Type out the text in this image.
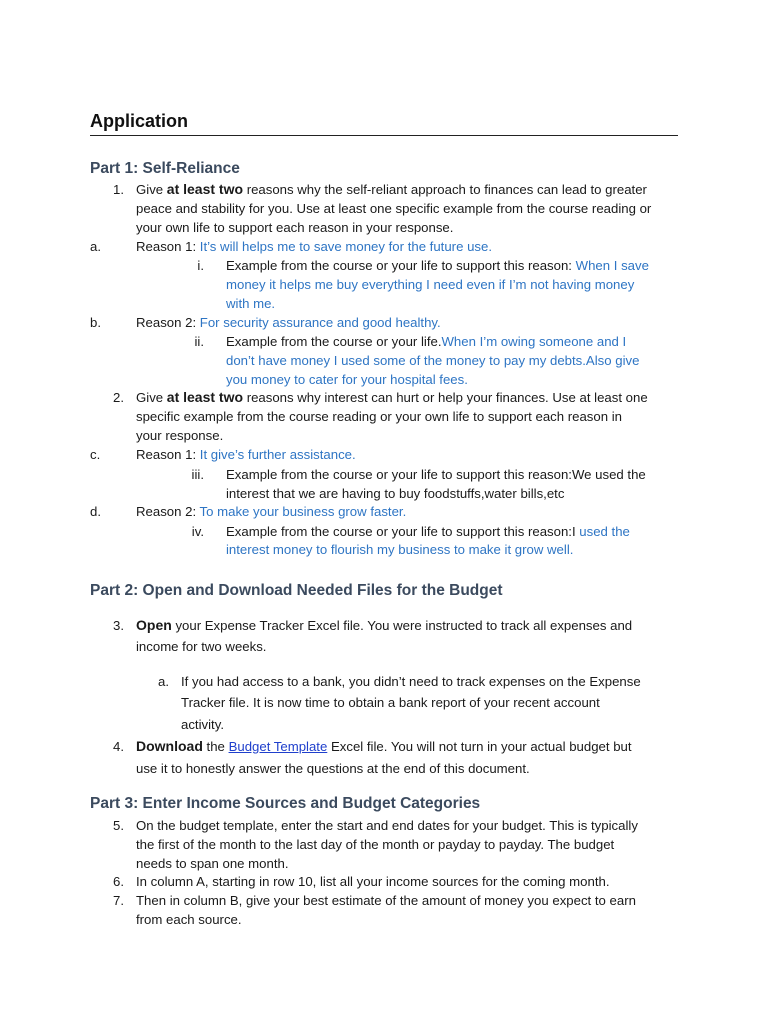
Application
Part 1: Self-Reliance
1. Give at least two reasons why the self-reliant approach to finances can lead to greater
peace and stability for you. Use at least one specific example from the course reading or
your own life to support each reason in your response.
a.	Reason 1: It’s will helps me to save money for the future use.
i. Example from the course or your life to support this reason: When I save
money it helps me buy everything I need even if I’m not having money
with me.
b.	Reason 2: For security assurance and good healthy.
ii. Example from the course or your life.When I’m owing someone and I
don’t have money I used some of the money to pay my debts.Also give
you money to cater for your hospital fees.
2. Give at least two reasons why interest can hurt or help your finances. Use at least one
specific example from the course reading or your own life to support each reason in
your response.
c.	Reason 1: It give’s further assistance.
iii. Example from the course or your life to support this reason:We used the
interest that we are having to buy foodstuffs,water bills,etc
d.	Reason 2: To make your business grow faster.
iv. Example from the course or your life to support this reason:I used the
interest money to flourish my business to make it grow well.
Part 2: Open and Download Needed Files for the Budget
3. Open your Expense Tracker Excel file. You were instructed to track all expenses and
income for two weeks.
a. If you had access to a bank, you didn’t need to track expenses on the Expense
Tracker file. It is now time to obtain a bank report of your recent account
activity.
4. Download the Budget Template Excel file. You will not turn in your actual budget but
use it to honestly answer the questions at the end of this document.
Part 3: Enter Income Sources and Budget Categories
5. On the budget template, enter the start and end dates for your budget. This is typically
the first of the month to the last day of the month or payday to payday. The budget
needs to span one month.
6. In column A, starting in row 10, list all your income sources for the coming month.
7. Then in column B, give your best estimate of the amount of money you expect to earn
from each source.
